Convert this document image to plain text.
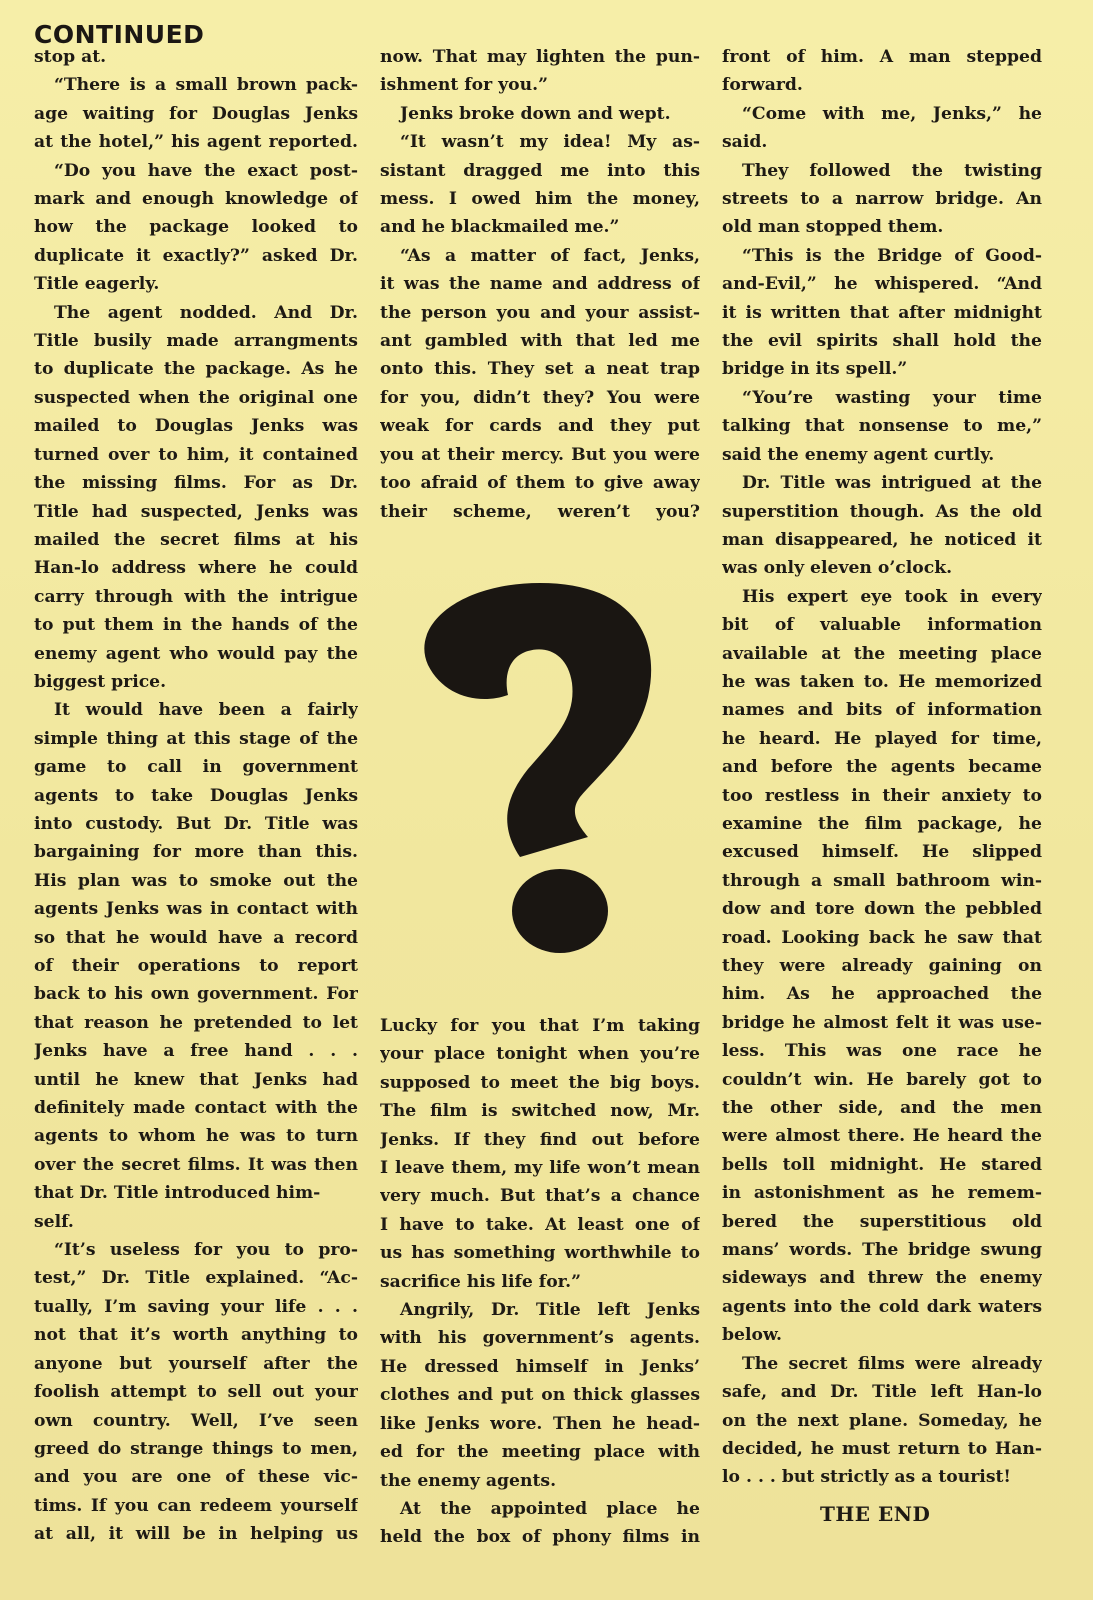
CONTINUED

stop at.

“There is a small brown pack-

age waiting for Douglas Jenks

at the hotel,” his agent reported.

“Do you have the exact post-

mark and enough knowledge of

how the package looked to

duplicate it exactly?” asked Dr.

Title eagerly.

The agent nodded. And Dr.

Title busily made arrangments

to duplicate the package. As he

suspected when the original one

mailed to Douglas Jenks was

turned over to him, it contained

the missing films. For as Dr.

Title had suspected, Jenks was

mailed the secret films at his

Han-lo address where he could

carry through with the intrigue

to put them in the hands of the

enemy agent who would pay the

biggest price.

It would have been a fairly

simple thing at this stage of the

game to call in government

agents to take Douglas Jenks

into custody. But Dr. Title was

bargaining for more than this.

His plan was to smoke out the

agents Jenks was in contact with

so that he would have a record

of their operations to report

back to his own government. For

that reason he pretended to let

Jenks have a free hand . . .

until he knew that Jenks had

definitely made contact with the

agents to whom he was to turn

over the secret films. It was then

that Dr. Title introduced him-

self.

“It’s useless for you to pro-

test,” Dr. Title explained. “Ac-

tually, I’m saving your life . . .

not that it’s worth anything to

anyone but yourself after the

foolish attempt to sell out your

own country. Well, I’ve seen

greed do strange things to men,

and you are one of these vic-

tims. If you can redeem yourself

at all, it will be in helping us

now. That may lighten the pun-

ishment for you.”

Jenks broke down and wept.

“It wasn’t my idea! My as-

sistant dragged me into this

mess. I owed him the money,

and he blackmailed me.”

“As a matter of fact, Jenks,

it was the name and address of

the person you and your assist-

ant gambled with that led me

onto this. They set a neat trap

for you, didn’t they? You were

weak for cards and they put

you at their mercy. But you were

too afraid of them to give away

their scheme, weren’t you?

Lucky for you that I’m taking

your place tonight when you’re

supposed to meet the big boys.

The film is switched now, Mr.

Jenks. If they find out before

I leave them, my life won’t mean

very much. But that’s a chance

I have to take. At least one of

us has something worthwhile to

sacrifice his life for.”

Angrily, Dr. Title left Jenks

with his government’s agents.

He dressed himself in Jenks’

clothes and put on thick glasses

like Jenks wore. Then he head-

ed for the meeting place with

the enemy agents.

At the appointed place he

held the box of phony films in

front of him. A man stepped

forward.

“Come with me, Jenks,” he

said.

They followed the twisting

streets to a narrow bridge. An

old man stopped them.

“This is the Bridge of Good-

and-Evil,” he whispered. “And

it is written that after midnight

the evil spirits shall hold the

bridge in its spell.”

“You’re wasting your time

talking that nonsense to me,”

said the enemy agent curtly.

Dr. Title was intrigued at the

superstition though. As the old

man disappeared, he noticed it

was only eleven o’clock.

His expert eye took in every

bit of valuable information

available at the meeting place

he was taken to. He memorized

names and bits of information

he heard. He played for time,

and before the agents became

too restless in their anxiety to

examine the film package, he

excused himself. He slipped

through a small bathroom win-

dow and tore down the pebbled

road. Looking back he saw that

they were already gaining on

him. As he approached the

bridge he almost felt it was use-

less. This was one race he

couldn’t win. He barely got to

the other side, and the men

were almost there. He heard the

bells toll midnight. He stared

in astonishment as he remem-

bered the superstitious old

mans’ words. The bridge swung

sideways and threw the enemy

agents into the cold dark waters

below.

The secret films were already

safe, and Dr. Title left Han-lo

on the next plane. Someday, he

decided, he must return to Han-

lo . . . but strictly as a tourist!

THE END
